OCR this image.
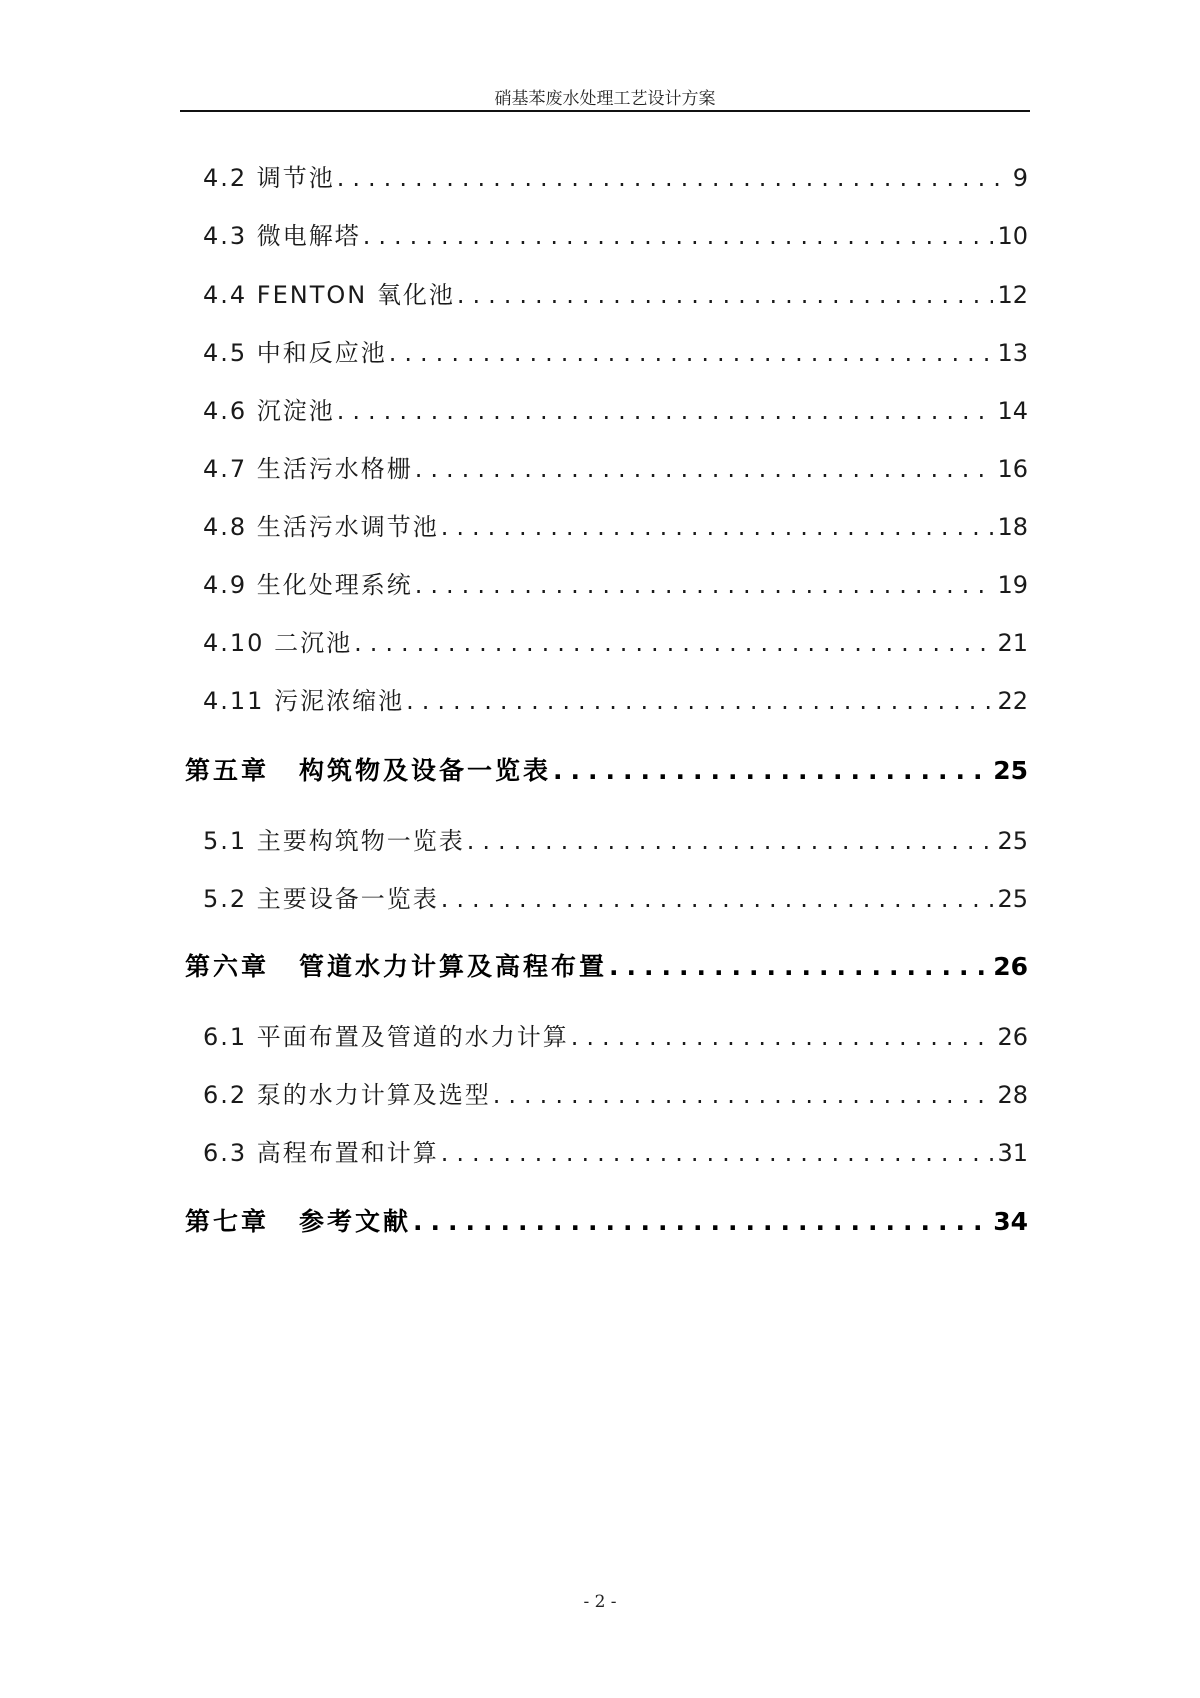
硝基苯废水处理工艺设计方案
4.2 调节池 .....	9
4.3 微电解塔 .....	10
4.4 FENTON 氧化池 .....	12
4.5 中和反应池 .....	13
4.6 沉淀池 .....	14
4.7 生活污水格栅 .....	16
4.8 生活污水调节池 .....	18
4.9 生化处理系统 .....	19
4.10 二沉池 .....	21
4.11 污泥浓缩池 .....	22
第五章 构筑物及设备一览表 .....	25
5.1 主要构筑物一览表 .....	25
5.2 主要设备一览表 .....	25
第六章 管道水力计算及高程布置 .....	26
6.1 平面布置及管道的水力计算 .....	26
6.2 泵的水力计算及选型 .....	28
6.3 高程布置和计算 .....	31
第七章 参考文献 .....	34
- 2 -
